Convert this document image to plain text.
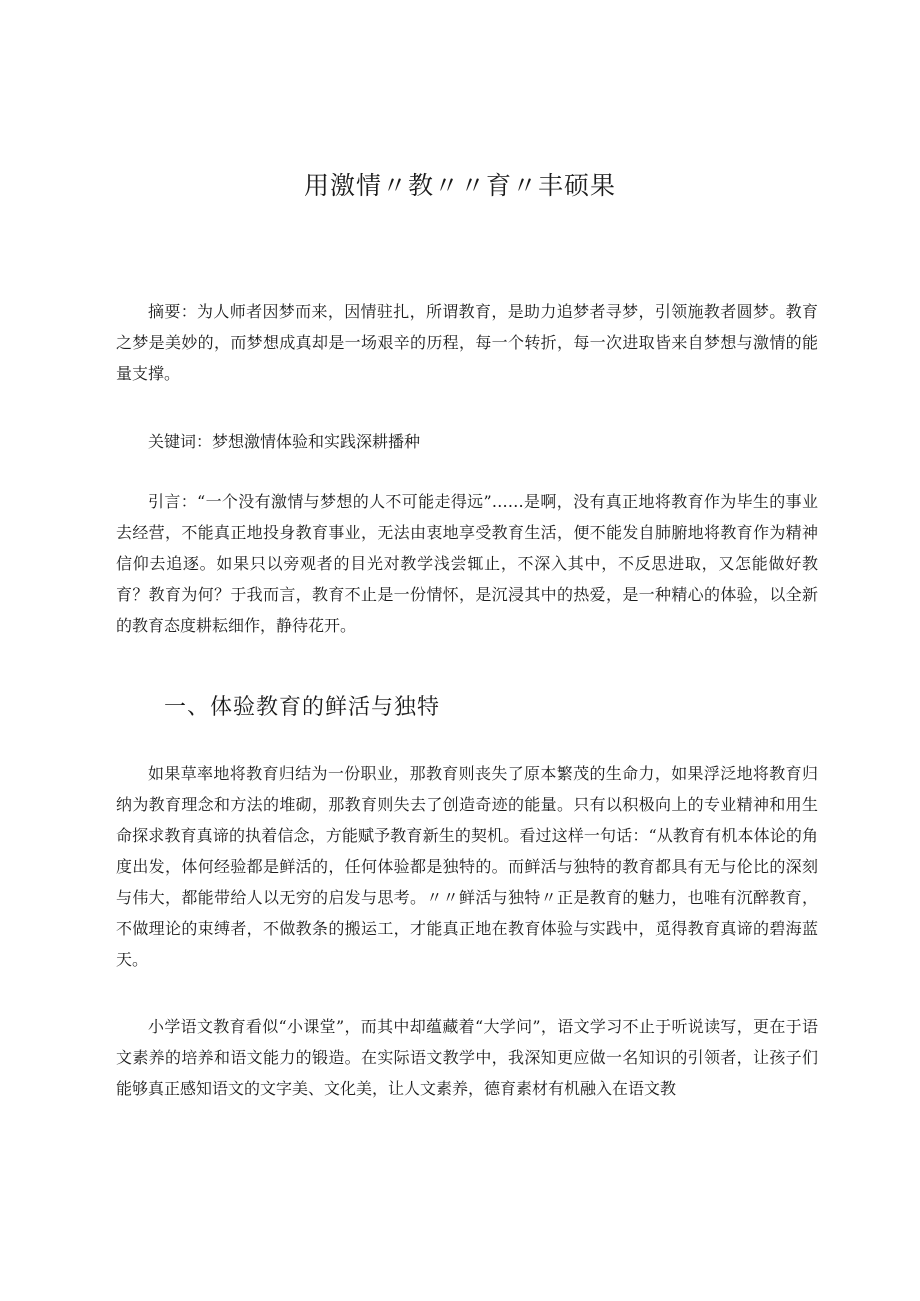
用激情〃教〃〃育〃丰硕果

摘要：为人师者因梦而来，因情驻扎，所谓教育，是助力追梦者寻梦，引领施教者圆梦。教育之梦是美妙的，而梦想成真却是一场艰辛的历程，每一个转折，每一次进取皆来自梦想与激情的能量支撑。

关键词：梦想激情体验和实践深耕播种

引言：“一个没有激情与梦想的人不可能走得远”……是啊，没有真正地将教育作为毕生的事业去经营，不能真正地投身教育事业，无法由衷地享受教育生活，便不能发自肺腑地将教育作为精神信仰去追逐。如果只以旁观者的目光对教学浅尝辄止，不深入其中，不反思进取，又怎能做好教育？教育为何？于我而言，教育不止是一份情怀，是沉浸其中的热爱，是一种精心的体验，以全新的教育态度耕耘细作，静待花开。

一、体验教育的鲜活与独特

如果草率地将教育归结为一份职业，那教育则丧失了原本繁茂的生命力，如果浮泛地将教育归纳为教育理念和方法的堆砌，那教育则失去了创造奇迹的能量。只有以积极向上的专业精神和用生命探求教育真谛的执着信念，方能赋予教育新生的契机。看过这样一句话：“从教育有机本体论的角度出发，体何经验都是鲜活的，任何体验都是独特的。而鲜活与独特的教育都具有无与伦比的深刻与伟大，都能带给人以无穷的启发与思考。〃〃鲜活与独特〃正是教育的魅力，也唯有沉醉教育，不做理论的束缚者，不做教条的搬运工，才能真正地在教育体验与实践中，觅得教育真谛的碧海蓝天。

小学语文教育看似“小课堂”，而其中却蕴藏着“大学问”，语文学习不止于听说读写，更在于语文素养的培养和语文能力的锻造。在实际语文教学中，我深知更应做一名知识的引领者，让孩子们能够真正感知语文的文字美、文化美，让人文素养，德育素材有机融入在语文教
